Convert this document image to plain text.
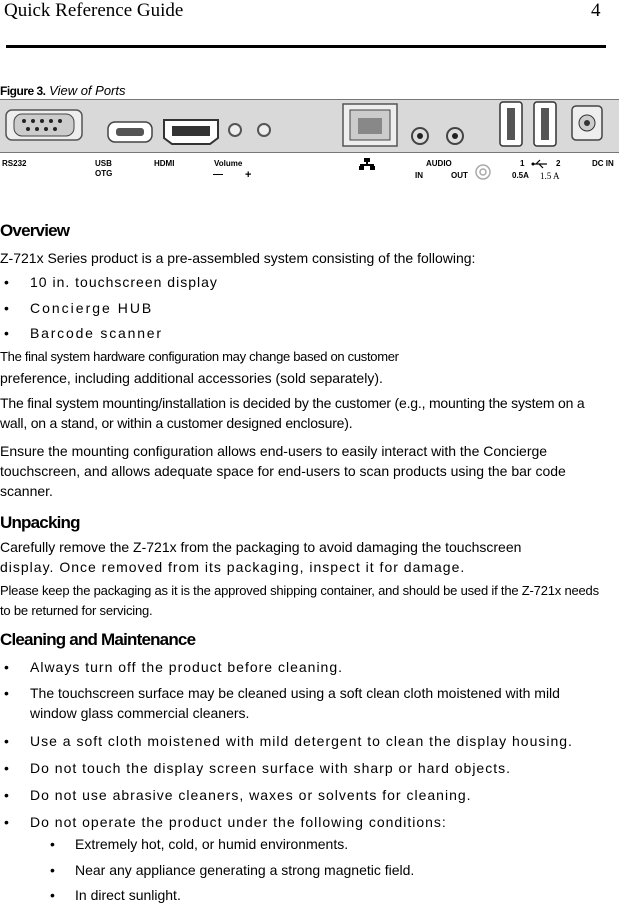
Quick Reference Guide	4
Figure 3. View of Ports
RS232	USB
OTG
HDMI	Volume
— +
AUDIO
IN	OUT
1	2
0.5A 1.5 A
DC IN
Overview
Z-721x Series product is a pre-assembled system consisting of the following:
• 10 in. touchscreen display
• Concierge HUB
• Barcode scanner
The final system hardware configuration may change based on customer
preference, including additional accessories (sold separately).
The final system mounting/installation is decided by the customer (e.g., mounting the system on a wall, on a stand, or within a customer designed enclosure).
Ensure the mounting configuration allows end-users to easily interact with the Concierge touchscreen, and allows adequate space for end-users to scan products using the bar code scanner.
Unpacking
Carefully remove the Z-721x from the packaging to avoid damaging the touchscreen
display. Once removed from its packaging, inspect it for damage.
Please keep the packaging as it is the approved shipping container, and should be used if the Z-721x needs to be returned for servicing.
Cleaning and Maintenance
• Always turn off the product before cleaning.
• The touchscreen surface may be cleaned using a soft clean cloth moistened with mild window glass commercial cleaners.
• Use a soft cloth moistened with mild detergent to clean the display housing.
• Do not touch the display screen surface with sharp or hard objects.
• Do not use abrasive cleaners, waxes or solvents for cleaning.
• Do not operate the product under the following conditions:
• Extremely hot, cold, or humid environments.
• Near any appliance generating a strong magnetic field.
• In direct sunlight.
